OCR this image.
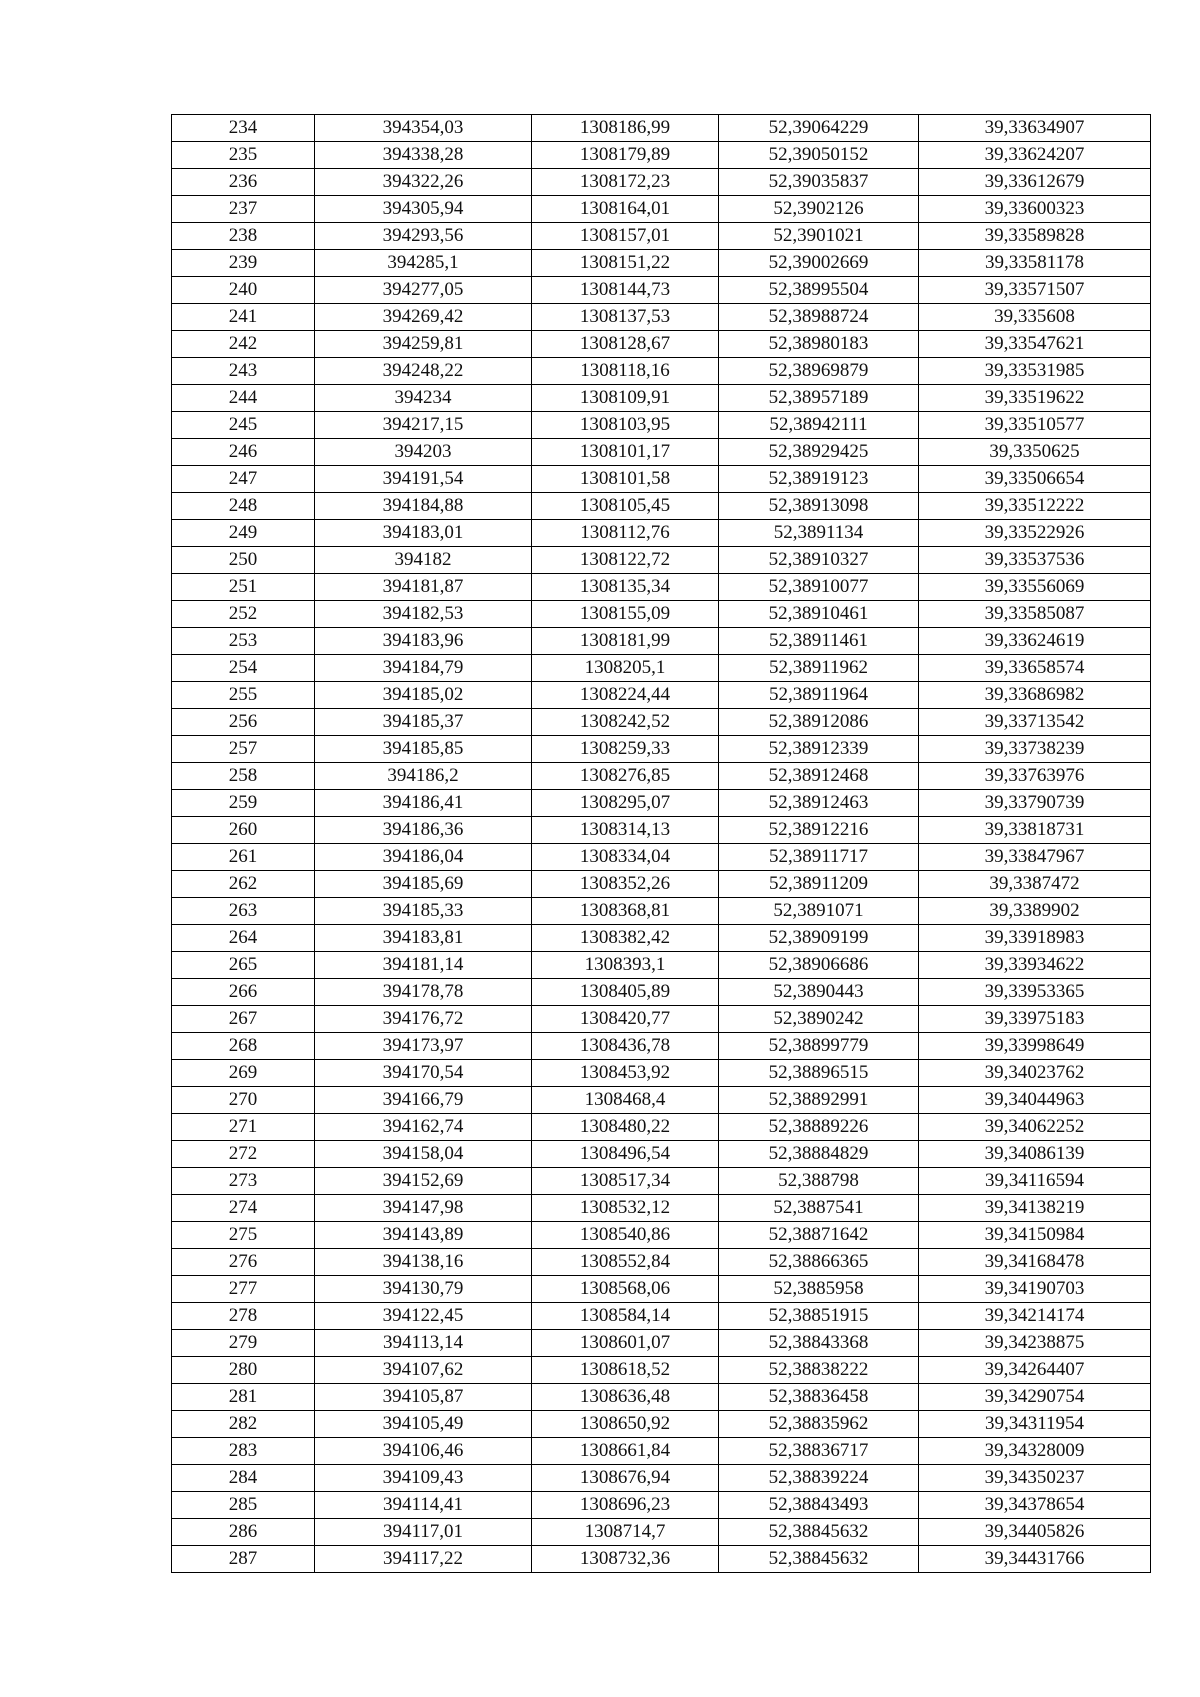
234	394354,03	1308186,99	52,39064229	39,33634907
235	394338,28	1308179,89	52,39050152	39,33624207
236	394322,26	1308172,23	52,39035837	39,33612679
237	394305,94	1308164,01	52,3902126	39,33600323
238	394293,56	1308157,01	52,3901021	39,33589828
239	394285,1	1308151,22	52,39002669	39,33581178
240	394277,05	1308144,73	52,38995504	39,33571507
241	394269,42	1308137,53	52,38988724	39,335608
242	394259,81	1308128,67	52,38980183	39,33547621
243	394248,22	1308118,16	52,38969879	39,33531985
244	394234	1308109,91	52,38957189	39,33519622
245	394217,15	1308103,95	52,38942111	39,33510577
246	394203	1308101,17	52,38929425	39,3350625
247	394191,54	1308101,58	52,38919123	39,33506654
248	394184,88	1308105,45	52,38913098	39,33512222
249	394183,01	1308112,76	52,3891134	39,33522926
250	394182	1308122,72	52,38910327	39,33537536
251	394181,87	1308135,34	52,38910077	39,33556069
252	394182,53	1308155,09	52,38910461	39,33585087
253	394183,96	1308181,99	52,38911461	39,33624619
254	394184,79	1308205,1	52,38911962	39,33658574
255	394185,02	1308224,44	52,38911964	39,33686982
256	394185,37	1308242,52	52,38912086	39,33713542
257	394185,85	1308259,33	52,38912339	39,33738239
258	394186,2	1308276,85	52,38912468	39,33763976
259	394186,41	1308295,07	52,38912463	39,33790739
260	394186,36	1308314,13	52,38912216	39,33818731
261	394186,04	1308334,04	52,38911717	39,33847967
262	394185,69	1308352,26	52,38911209	39,3387472
263	394185,33	1308368,81	52,3891071	39,3389902
264	394183,81	1308382,42	52,38909199	39,33918983
265	394181,14	1308393,1	52,38906686	39,33934622
266	394178,78	1308405,89	52,3890443	39,33953365
267	394176,72	1308420,77	52,3890242	39,33975183
268	394173,97	1308436,78	52,38899779	39,33998649
269	394170,54	1308453,92	52,38896515	39,34023762
270	394166,79	1308468,4	52,38892991	39,34044963
271	394162,74	1308480,22	52,38889226	39,34062252
272	394158,04	1308496,54	52,38884829	39,34086139
273	394152,69	1308517,34	52,388798	39,34116594
274	394147,98	1308532,12	52,3887541	39,34138219
275	394143,89	1308540,86	52,38871642	39,34150984
276	394138,16	1308552,84	52,38866365	39,34168478
277	394130,79	1308568,06	52,3885958	39,34190703
278	394122,45	1308584,14	52,38851915	39,34214174
279	394113,14	1308601,07	52,38843368	39,34238875
280	394107,62	1308618,52	52,38838222	39,34264407
281	394105,87	1308636,48	52,38836458	39,34290754
282	394105,49	1308650,92	52,38835962	39,34311954
283	394106,46	1308661,84	52,38836717	39,34328009
284	394109,43	1308676,94	52,38839224	39,34350237
285	394114,41	1308696,23	52,38843493	39,34378654
286	394117,01	1308714,7	52,38845632	39,34405826
287	394117,22	1308732,36	52,38845632	39,34431766
